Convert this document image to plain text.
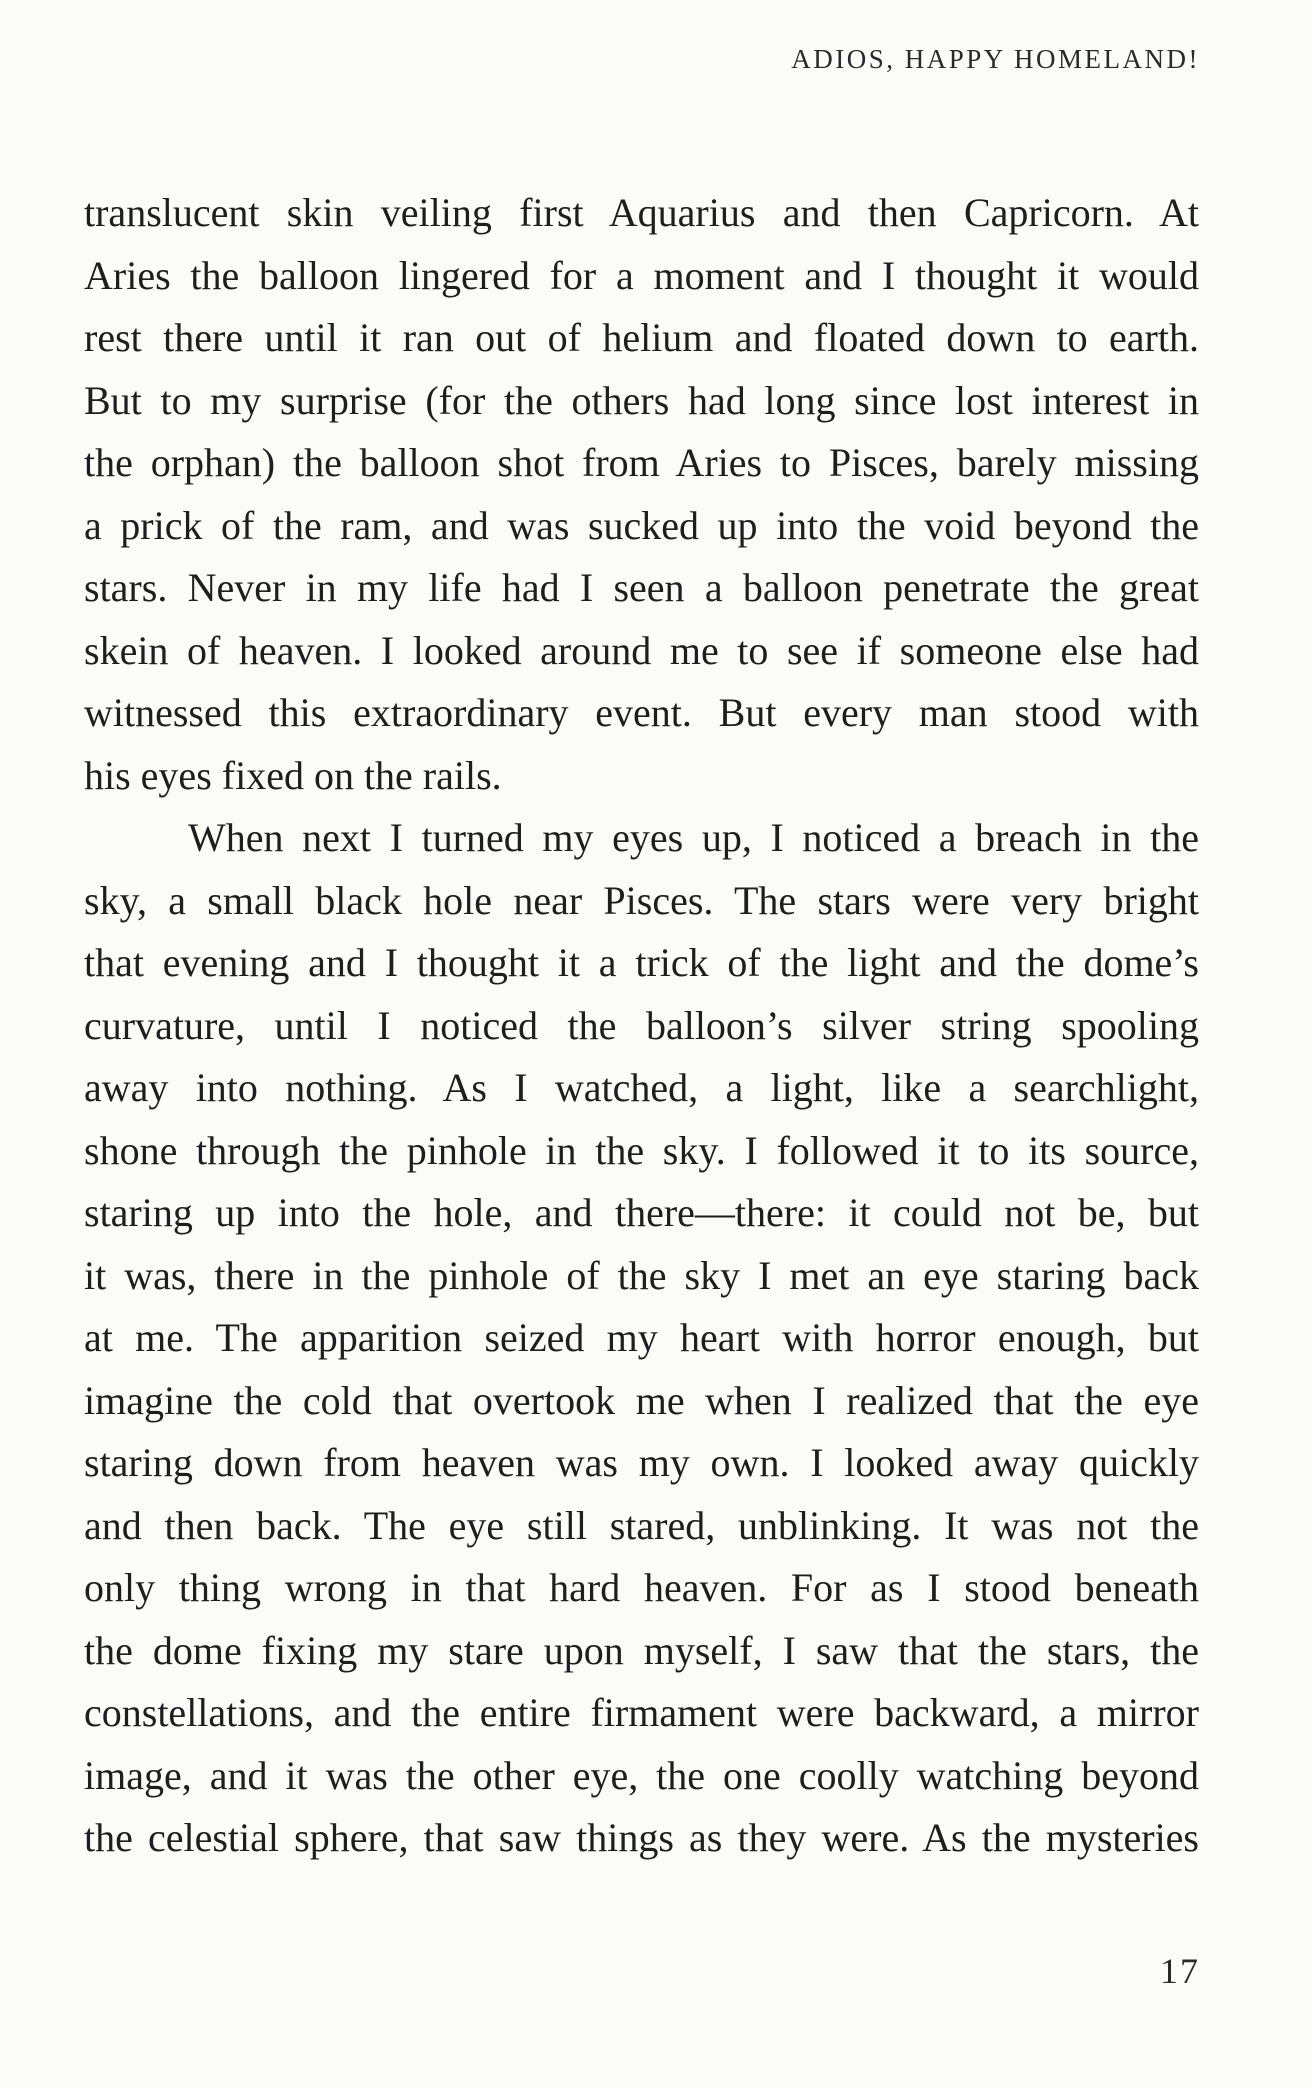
ADIOS, HAPPY HOMELAND!
translucent skin veiling first Aquarius and then Capricorn. At
Aries the balloon lingered for a moment and I thought it would
rest there until it ran out of helium and floated down to earth.
But to my surprise (for the others had long since lost interest in
the orphan) the balloon shot from Aries to Pisces, barely missing
a prick of the ram, and was sucked up into the void beyond the
stars. Never in my life had I seen a balloon penetrate the great
skein of heaven. I looked around me to see if someone else had
witnessed this extraordinary event. But every man stood with
his eyes fixed on the rails.
When next I turned my eyes up, I noticed a breach in the
sky, a small black hole near Pisces. The stars were very bright
that evening and I thought it a trick of the light and the dome’s
curvature, until I noticed the balloon’s silver string spooling
away into nothing. As I watched, a light, like a searchlight,
shone through the pinhole in the sky. I followed it to its source,
staring up into the hole, and there—there: it could not be, but
it was, there in the pinhole of the sky I met an eye staring back
at me. The apparition seized my heart with horror enough, but
imagine the cold that overtook me when I realized that the eye
staring down from heaven was my own. I looked away quickly
and then back. The eye still stared, unblinking. It was not the
only thing wrong in that hard heaven. For as I stood beneath
the dome fixing my stare upon myself, I saw that the stars, the
constellations, and the entire firmament were backward, a mirror
image, and it was the other eye, the one coolly watching beyond
the celestial sphere, that saw things as they were. As the mysteries
17
